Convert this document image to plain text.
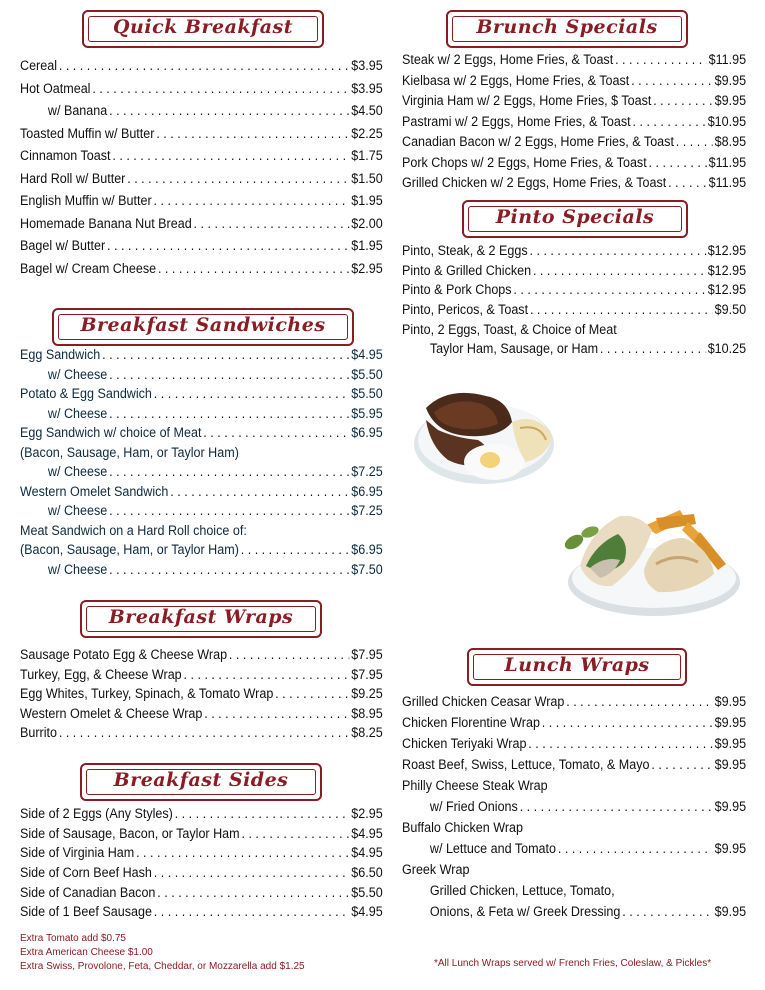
Quick Breakfast
Cereal . . .	$3.95
Hot Oatmeal . . .	$3.95
w/ Banana . . .	$4.50
Toasted Muffin w/ Butter . . .	$2.25
Cinnamon Toast . . .	$1.75
Hard Roll w/ Butter . . .	$1.50
English Muffin w/ Butter . . .	$1.95
Homemade Banana Nut Bread . . .	$2.00
Bagel w/ Butter . . .	$1.95
Bagel w/ Cream Cheese . . .	$2.95
Breakfast Sandwiches
Egg Sandwich . . .	$4.95
w/ Cheese . . .	$5.50
Potato & Egg Sandwich . . .	$5.50
w/ Cheese . . .	$5.95
Egg Sandwich w/ choice of Meat . . .	$6.95
(Bacon, Sausage, Ham, or Taylor Ham)
w/ Cheese . . .	$7.25
Western Omelet Sandwich . . .	$6.95
w/ Cheese . . .	$7.25
Meat Sandwich on a Hard Roll choice of:
(Bacon, Sausage, Ham, or Taylor Ham) . . .	$6.95
w/ Cheese . . .	$7.50
Breakfast Wraps
Sausage Potato Egg & Cheese Wrap . . .	$7.95
Turkey, Egg, & Cheese Wrap . . .	$7.95
Egg Whites, Turkey, Spinach, & Tomato Wrap . . .	$9.25
Western Omelet & Cheese Wrap . . .	$8.95
Burrito . . .	$8.25
Breakfast Sides
Side of 2 Eggs (Any Styles) . . .	$2.95
Side of Sausage, Bacon, or Taylor Ham . . .	$4.95
Side of Virginia Ham . . .	$4.95
Side of Corn Beef Hash . . .	$6.50
Side of Canadian Bacon . . .	$5.50
Side of 1 Beef Sausage . . .	$4.95
Extra Tomato add $0.75
Extra American Cheese $1.00
Extra Swiss, Provolone, Feta, Cheddar, or Mozzarella add $1.25
Brunch Specials
Steak w/ 2 Eggs, Home Fries, & Toast . . .	$11.95
Kielbasa w/ 2 Eggs, Home Fries, & Toast . . .	$9.95
Virginia Ham w/ 2 Eggs, Home Fries, $ Toast . . .	$9.95
Pastrami w/ 2 Eggs, Home Fries, & Toast . . .	$10.95
Canadian Bacon w/ 2 Eggs, Home Fries, & Toast . . .	$8.95
Pork Chops w/ 2 Eggs, Home Fries, & Toast . . .	$11.95
Grilled Chicken w/ 2 Eggs, Home Fries, & Toast . . .	$11.95
Pinto Specials
Pinto, Steak, & 2 Eggs . . .	$12.95
Pinto & Grilled Chicken . . .	$12.95
Pinto & Pork Chops . . .	$12.95
Pinto, Pericos, & Toast . . .	$9.50
Pinto, 2 Eggs, Toast, & Choice of Meat
Taylor Ham, Sausage, or Ham . . .	$10.25
Lunch Wraps
Grilled Chicken Ceasar Wrap . . .	$9.95
Chicken Florentine Wrap . . .	$9.95
Chicken Teriyaki Wrap . . .	$9.95
Roast Beef, Swiss, Lettuce, Tomato, & Mayo . . .	$9.95
Philly Cheese Steak Wrap
w/ Fried Onions . . .	$9.95
Buffalo Chicken Wrap
w/ Lettuce and Tomato . . .	$9.95
Greek Wrap
Grilled Chicken, Lettuce, Tomato,
Onions, & Feta w/ Greek Dressing . . .	$9.95
*All Lunch Wraps served w/ French Fries, Coleslaw, & Pickles*
